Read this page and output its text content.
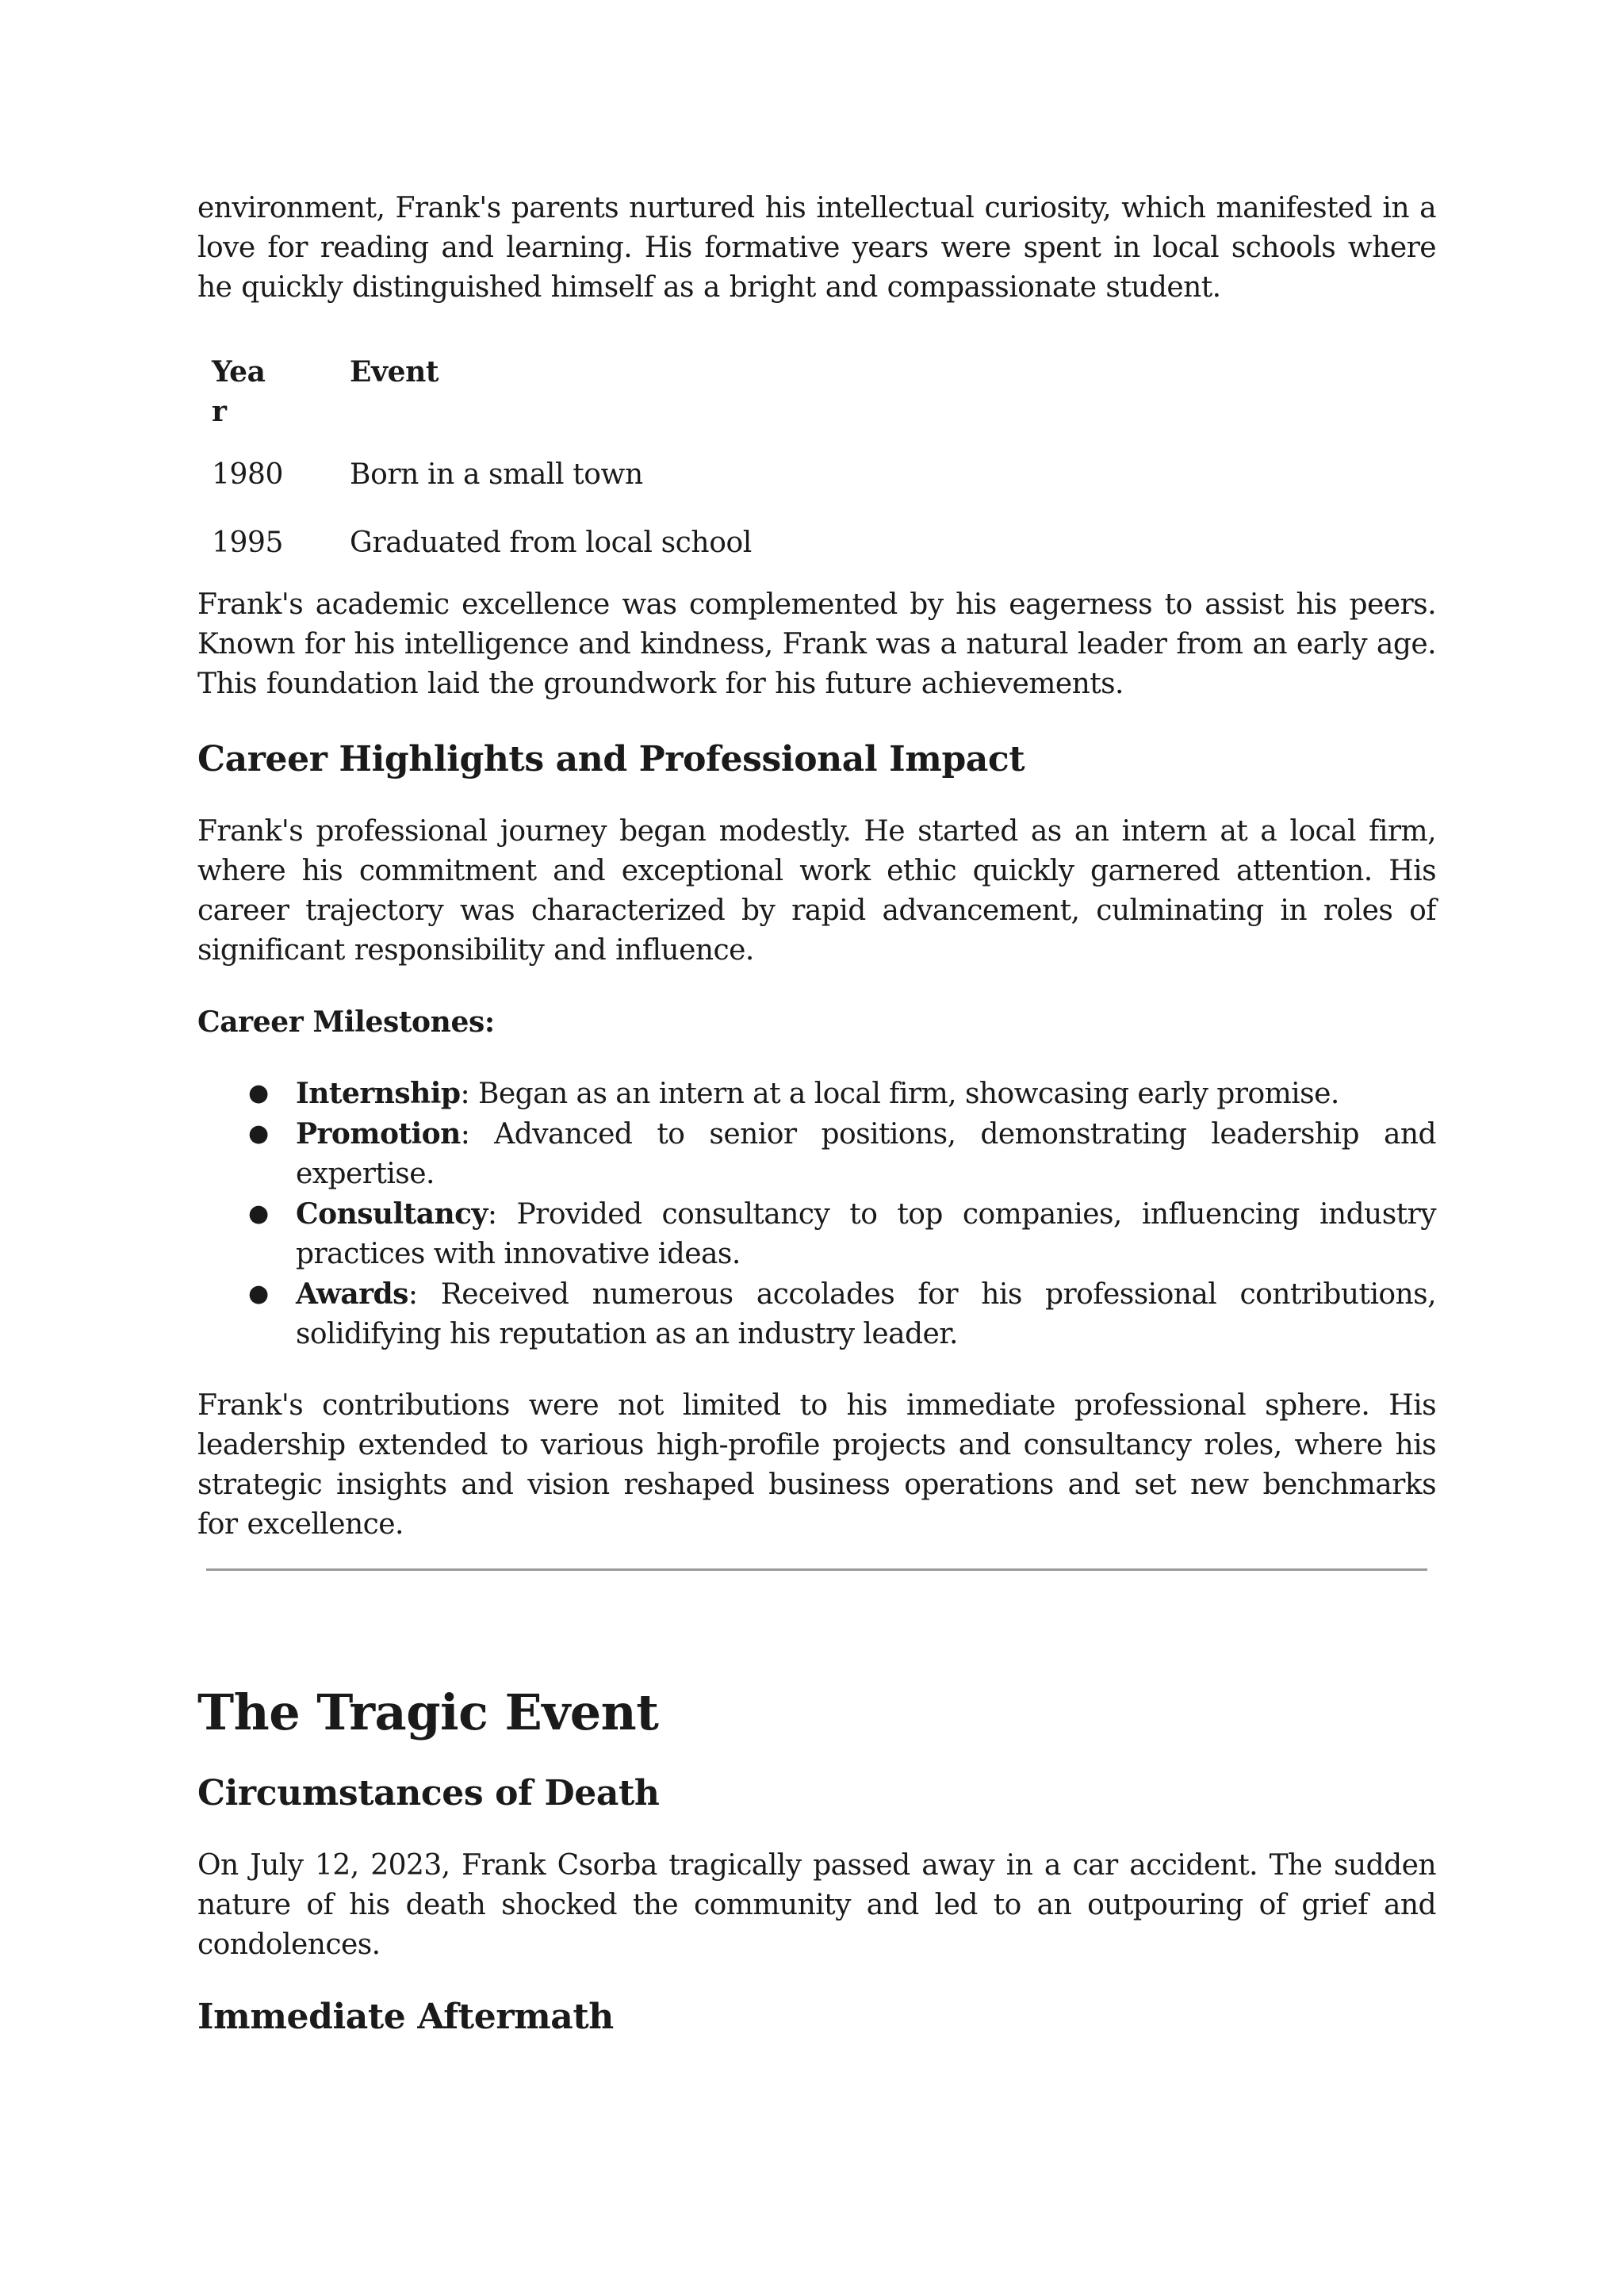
environment, Frank's parents nurtured his intellectual curiosity, which manifested in a love for reading and learning. His formative years were spent in local schools where he quickly distinguished himself as a bright and compassionate student.

Yea
r	Event
1980	Born in a small town
1995	Graduated from local school

Frank's academic excellence was complemented by his eagerness to assist his peers. Known for his intelligence and kindness, Frank was a natural leader from an early age. This foundation laid the groundwork for his future achievements.

Career Highlights and Professional Impact

Frank's professional journey began modestly. He started as an intern at a local firm, where his commitment and exceptional work ethic quickly garnered attention. His career trajectory was characterized by rapid advancement, culminating in roles of significant responsibility and influence.

Career Milestones:

● Internship: Began as an intern at a local firm, showcasing early promise.
● Promotion: Advanced to senior positions, demonstrating leadership and expertise.
● Consultancy: Provided consultancy to top companies, influencing industry practices with innovative ideas.
● Awards: Received numerous accolades for his professional contributions, solidifying his reputation as an industry leader.

Frank's contributions were not limited to his immediate professional sphere. His leadership extended to various high-profile projects and consultancy roles, where his strategic insights and vision reshaped business operations and set new benchmarks for excellence.

The Tragic Event
Circumstances of Death

On July 12, 2023, Frank Csorba tragically passed away in a car accident. The sudden nature of his death shocked the community and led to an outpouring of grief and condolences.

Immediate Aftermath
